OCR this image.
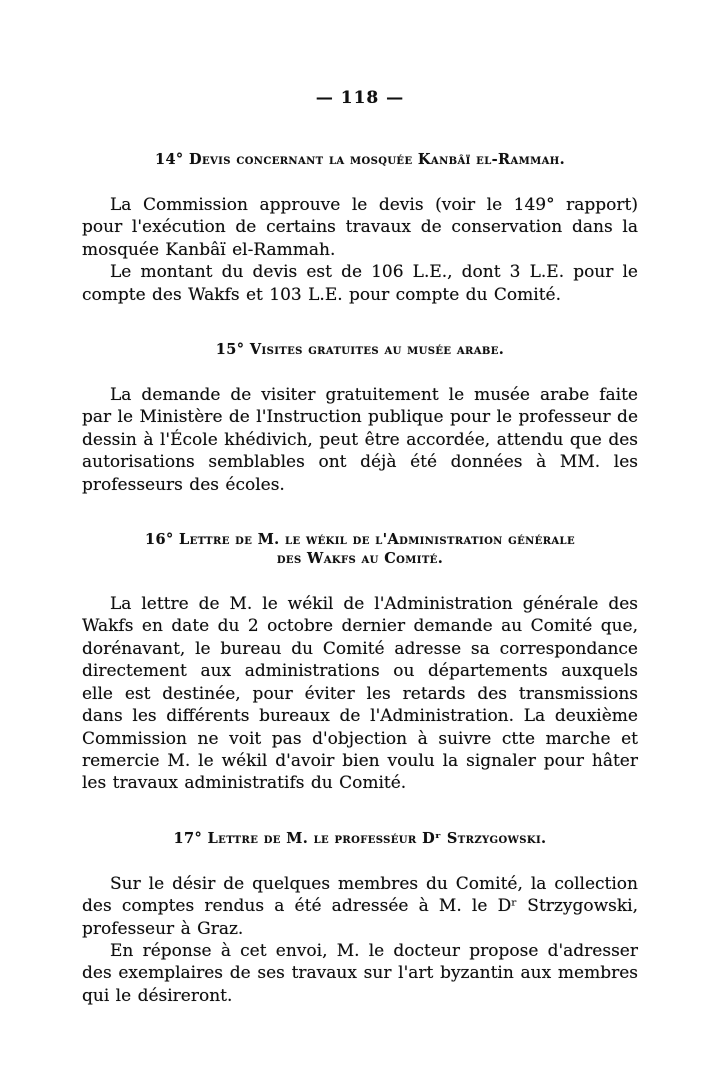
— 118 —
14° Devis concernant la mosquée Kanbâï el-Rammah.

La Commission approuve le devis (voir le 149° rapport) pour l'exécution de certains travaux de conservation dans la mosquée Kanbâï el-Rammah.

Le montant du devis est de 106 L.E., dont 3 L.E. pour le compte des Wakfs et 103 L.E. pour compte du Comité.

15° Visites gratuites au musée arabe.

La demande de visiter gratuitement le musée arabe faite par le Ministère de l'Instruction publique pour le professeur de dessin à l'École khédivich, peut être accordée, attendu que des autorisations semblables ont déjà été données à MM. les professeurs des écoles.

16° Lettre de M. le wékil de l'Administration générale
des Wakfs au Comité.

La lettre de M. le wékil de l'Administration générale des Wakfs en date du 2 octobre dernier demande au Comité que, dorénavant, le bureau du Comité adresse sa correspondance directement aux administrations ou départements auxquels elle est destinée, pour éviter les retards des transmissions dans les différents bureaux de l'Administration. La deuxième Commission ne voit pas d'objection à suivre ctte marche et remercie M. le wékil d'avoir bien voulu la signaler pour hâter les travaux administratifs du Comité.

17° Lettre de M. le professéur Dʳ Strzygowski.

Sur le désir de quelques membres du Comité, la collection des comptes rendus a été adressée à M. le Dʳ Strzygowski, professeur à Graz.

En réponse à cet envoi, M. le docteur propose d'adresser des exemplaires de ses travaux sur l'art byzantin aux membres qui le désireront.
